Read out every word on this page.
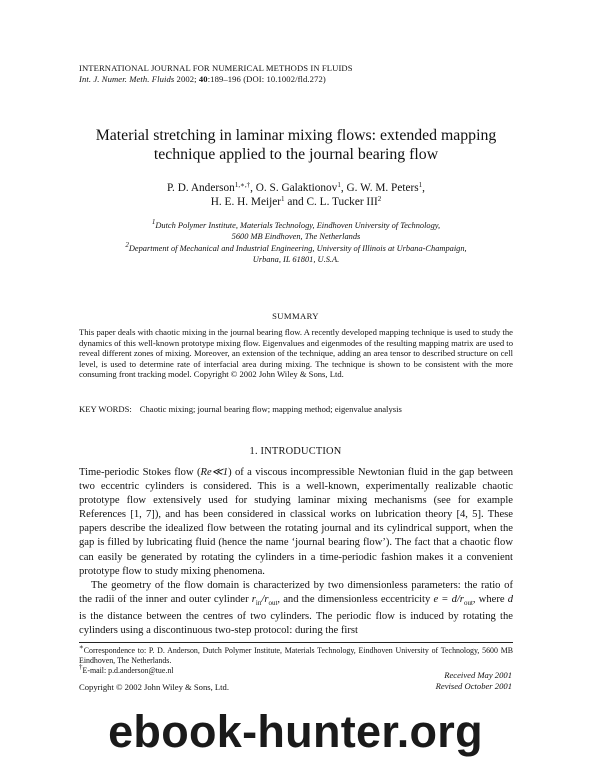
INTERNATIONAL JOURNAL FOR NUMERICAL METHODS IN FLUIDS
Int. J. Numer. Meth. Fluids 2002; 40:189–196 (DOI: 10.1002/fld.272)
Material stretching in laminar mixing flows: extended mapping
technique applied to the journal bearing flow
P. D. Anderson$^{1,∗,\dagger}$, O. S. Galaktionov$^1$, G. W. M. Peters$^1$,
H. E. H. Meijer$^1$ and C. L. Tucker III$^2$
$^1$Dutch Polymer Institute, Materials Technology, Eindhoven University of Technology,
5600 MB Eindhoven, The Netherlands
$^2$Department of Mechanical and Industrial Engineering, University of Illinois at Urbana-Champaign,
Urbana, IL 61801, U.S.A.
SUMMARY
This paper deals with chaotic mixing in the journal bearing flow. A recently developed mapping technique is used to study the dynamics of this well-known prototype mixing flow. Eigenvalues and eigenmodes of the resulting mapping matrix are used to reveal different zones of mixing. Moreover, an extension of the technique, adding an area tensor to described structure on cell level, is used to determine rate of interfacial area during mixing. The technique is shown to be consistent with the more consuming front tracking model. Copyright © 2002 John Wiley & Sons, Ltd.
KEY WORDS: Chaotic mixing; journal bearing flow; mapping method; eigenvalue analysis
1. INTRODUCTION

Time-periodic Stokes flow (Re≪1) of a viscous incompressible Newtonian fluid in the gap between two eccentric cylinders is considered. This is a well-known, experimentally realizable chaotic prototype flow extensively used for studying laminar mixing mechanisms (see for example References [1, 7]), and has been considered in classical works on lubrication theory [4, 5]. These papers describe the idealized flow between the rotating journal and its cylindrical support, when the gap is filled by lubricating fluid (hence the name ‘journal bearing flow’). The fact that a chaotic flow can easily be generated by rotating the cylinders in a time-periodic fashion makes it a convenient prototype flow to study mixing phenomena.

The geometry of the flow domain is characterized by two dimensionless parameters: the ratio of the radii of the inner and outer cylinder $r_{in}/r_{out}$, and the dimensionless eccentricity $e = d/r_{out}$, where d is the distance between the centres of two cylinders. The periodic flow is induced by rotating the cylinders using a discontinuous two-step protocol: during the first

∗Correspondence to: P. D. Anderson, Dutch Polymer Institute, Materials Technology, Eindhoven University of Technology, 5600 MB Eindhoven, The Netherlands.

†E-mail: p.d.anderson@tue.nl	Received May 2001
Revised October 2001
Copyright © 2002 John Wiley & Sons, Ltd.
ebook-hunter.org
